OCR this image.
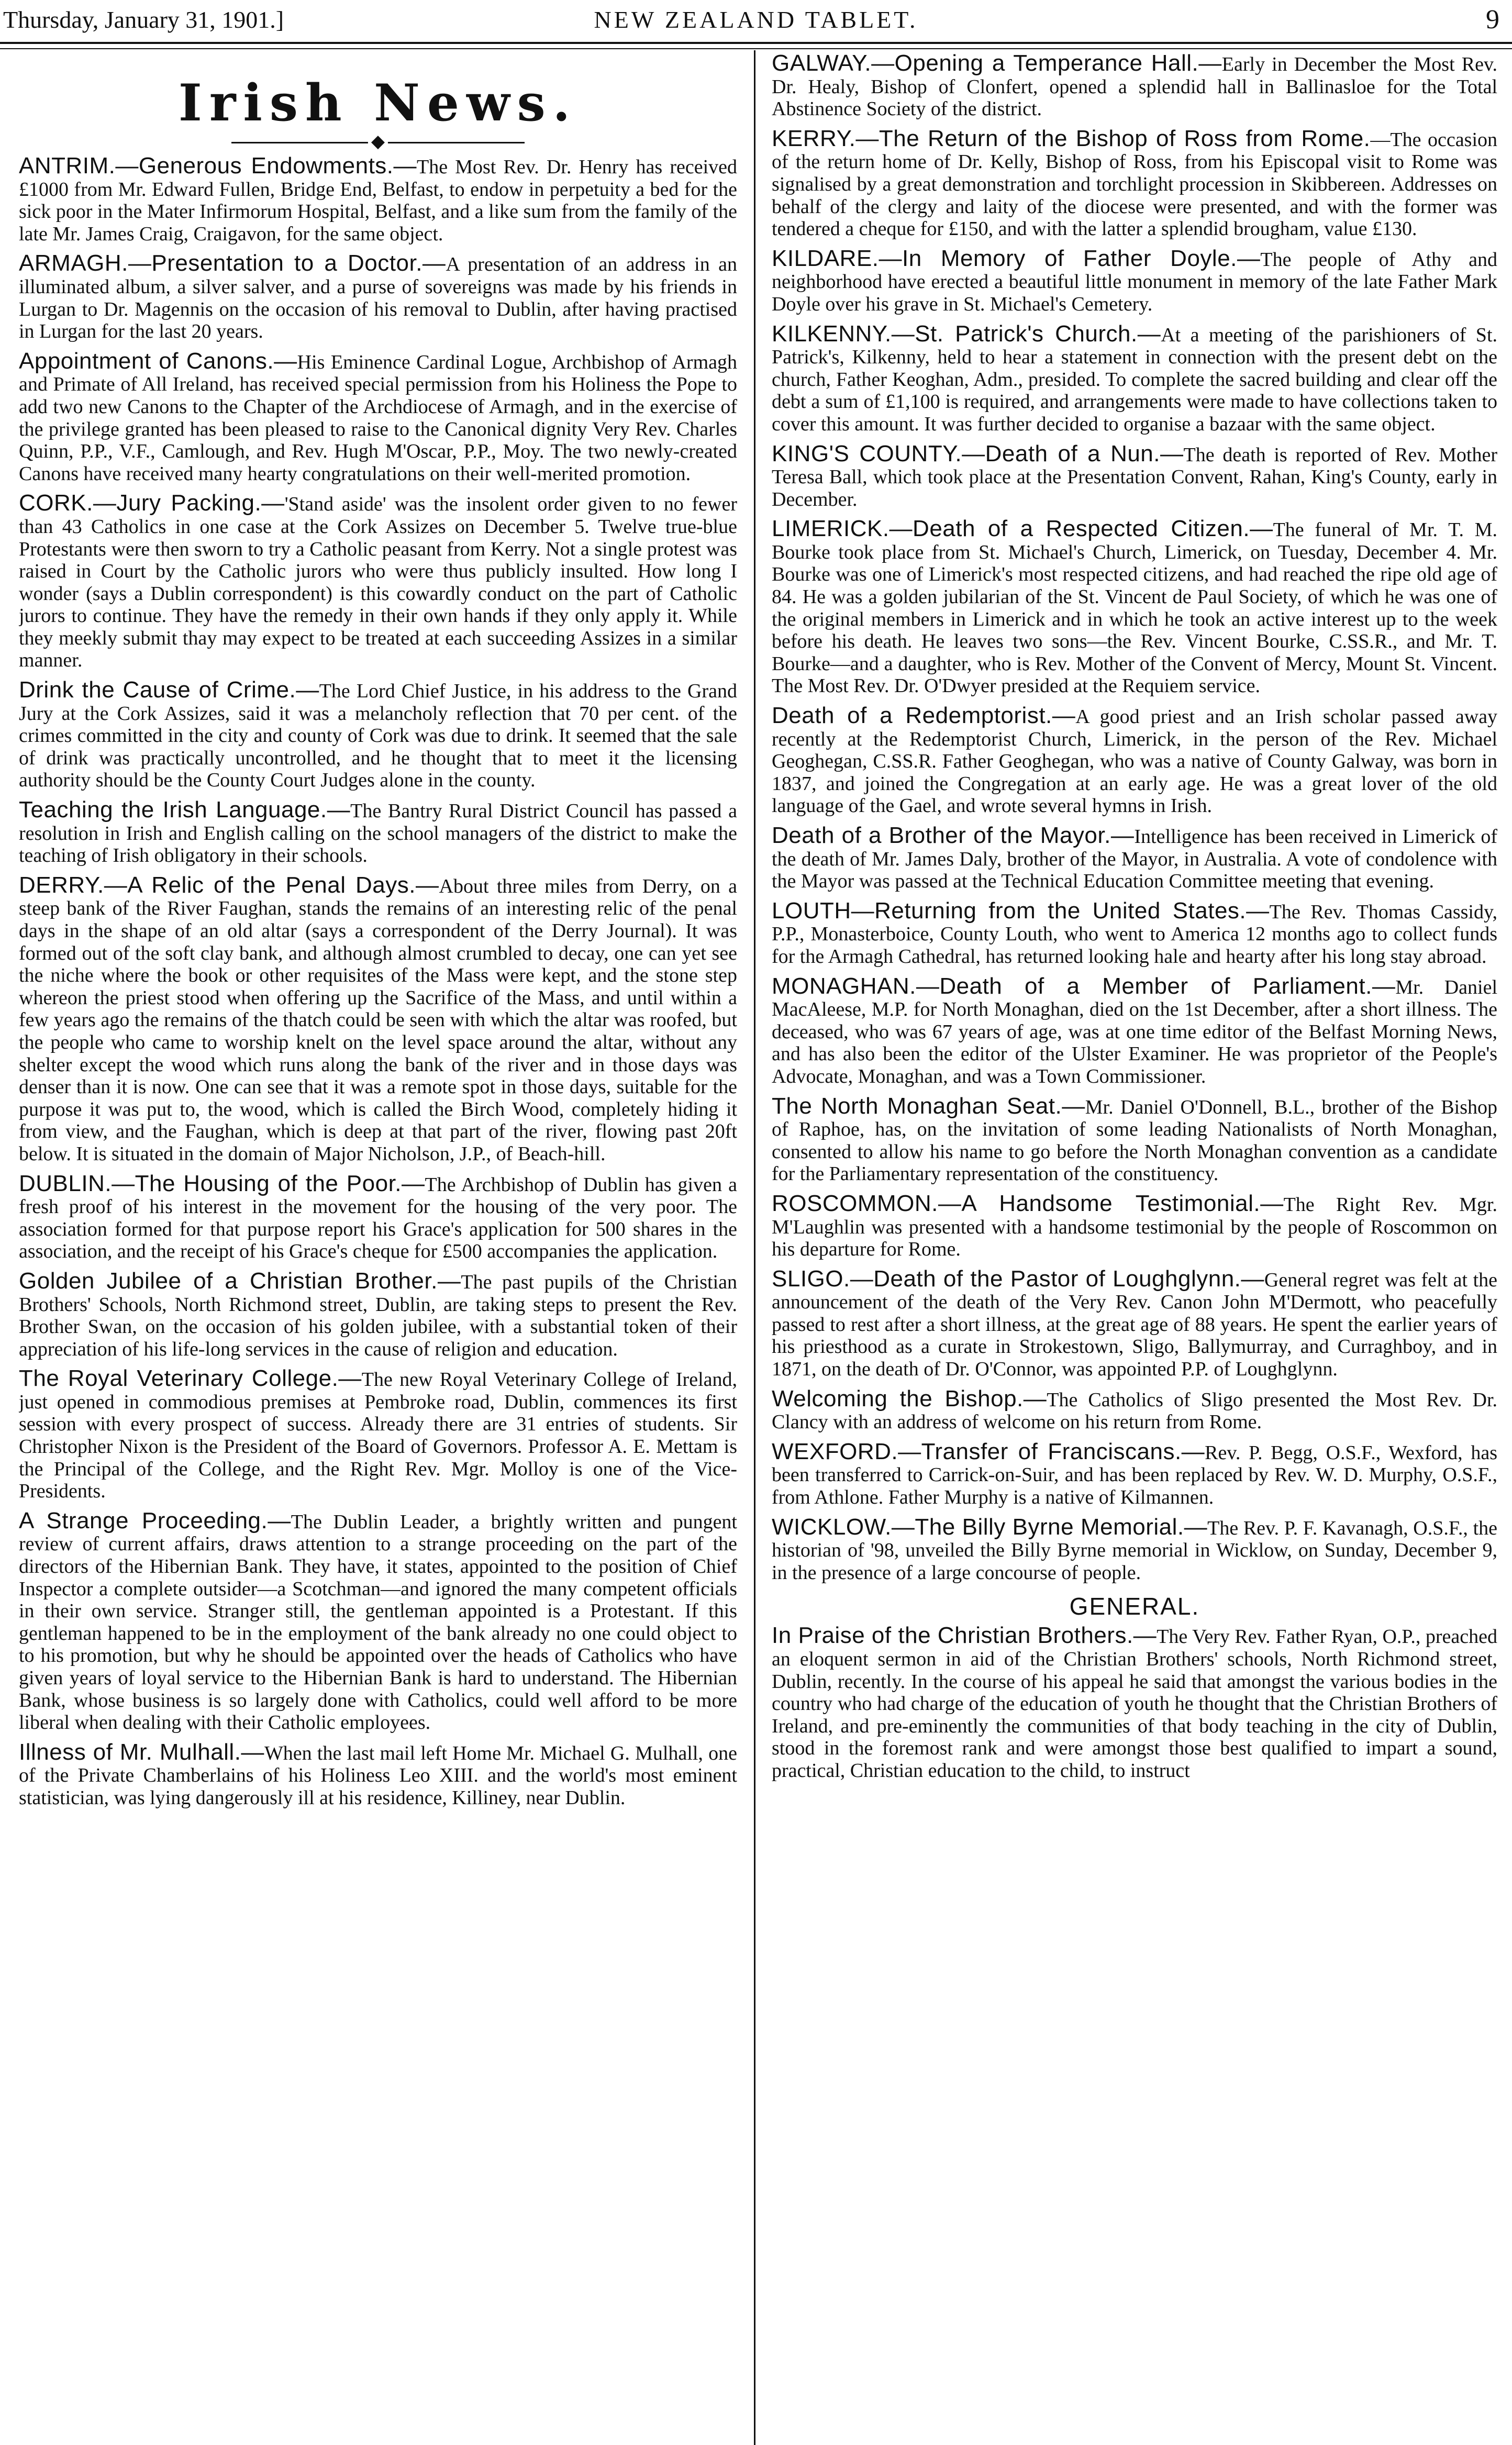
Thursday, January 31, 1901.]	NEW ZEALAND TABLET.	9
Irish News.
◆

ANTRIM.—Generous Endowments.—The Most Rev. Dr. Henry has received £1000 from Mr. Edward Fullen, Bridge End, Belfast, to endow in perpetuity a bed for the sick poor in the Mater Infirmorum Hospital, Belfast, and a like sum from the family of the late Mr. James Craig, Craigavon, for the same object.

ARMAGH.—Presentation to a Doctor.—A presentation of an address in an illuminated album, a silver salver, and a purse of sovereigns was made by his friends in Lurgan to Dr. Magennis on the occasion of his removal to Dublin, after having practised in Lurgan for the last 20 years.

Appointment of Canons.—His Eminence Cardinal Logue, Archbishop of Armagh and Primate of All Ireland, has received special permission from his Holiness the Pope to add two new Canons to the Chapter of the Archdiocese of Armagh, and in the exercise of the privilege granted has been pleased to raise to the Canonical dignity Very Rev. Charles Quinn, P.P., V.F., Camlough, and Rev. Hugh M'Oscar, P.P., Moy. The two newly-created Canons have received many hearty congratulations on their well-merited promotion.

CORK.—Jury Packing.—'Stand aside' was the insolent order given to no fewer than 43 Catholics in one case at the Cork Assizes on December 5. Twelve true-blue Protestants were then sworn to try a Catholic peasant from Kerry. Not a single protest was raised in Court by the Catholic jurors who were thus publicly insulted. How long I wonder (says a Dublin correspondent) is this cowardly conduct on the part of Catholic jurors to continue. They have the remedy in their own hands if they only apply it. While they meekly submit thay may expect to be treated at each succeeding Assizes in a similar manner.

Drink the Cause of Crime.—The Lord Chief Justice, in his address to the Grand Jury at the Cork Assizes, said it was a melancholy reflection that 70 per cent. of the crimes committed in the city and county of Cork was due to drink. It seemed that the sale of drink was practically uncontrolled, and he thought that to meet it the licensing authority should be the County Court Judges alone in the county.

Teaching the Irish Language.—The Bantry Rural District Council has passed a resolution in Irish and English calling on the school managers of the district to make the teaching of Irish obligatory in their schools.

DERRY.—A Relic of the Penal Days.—About three miles from Derry, on a steep bank of the River Faughan, stands the remains of an interesting relic of the penal days in the shape of an old altar (says a correspondent of the Derry Journal). It was formed out of the soft clay bank, and although almost crumbled to decay, one can yet see the niche where the book or other requisites of the Mass were kept, and the stone step whereon the priest stood when offering up the Sacrifice of the Mass, and until within a few years ago the remains of the thatch could be seen with which the altar was roofed, but the people who came to worship knelt on the level space around the altar, without any shelter except the wood which runs along the bank of the river and in those days was denser than it is now. One can see that it was a remote spot in those days, suitable for the purpose it was put to, the wood, which is called the Birch Wood, completely hiding it from view, and the Faughan, which is deep at that part of the river, flowing past 20ft below. It is situated in the domain of Major Nicholson, J.P., of Beach-hill.

DUBLIN.—The Housing of the Poor.—The Archbishop of Dublin has given a fresh proof of his interest in the movement for the housing of the very poor. The association formed for that purpose report his Grace's application for 500 shares in the association, and the receipt of his Grace's cheque for £500 accompanies the application.

Golden Jubilee of a Christian Brother.—The past pupils of the Christian Brothers' Schools, North Richmond street, Dublin, are taking steps to present the Rev. Brother Swan, on the occasion of his golden jubilee, with a substantial token of their appreciation of his life-long services in the cause of religion and education.

The Royal Veterinary College.—The new Royal Veterinary College of Ireland, just opened in commodious premises at Pembroke road, Dublin, commences its first session with every prospect of success. Already there are 31 entries of students. Sir Christopher Nixon is the President of the Board of Governors. Professor A. E. Mettam is the Principal of the College, and the Right Rev. Mgr. Molloy is one of the Vice-Presidents.

A Strange Proceeding.—The Dublin Leader, a brightly written and pungent review of current affairs, draws attention to a strange proceeding on the part of the directors of the Hibernian Bank. They have, it states, appointed to the position of Chief Inspector a complete outsider—a Scotchman—and ignored the many competent officials in their own service. Stranger still, the gentleman appointed is a Protestant. If this gentleman happened to be in the employment of the bank already no one could object to to his promotion, but why he should be appointed over the heads of Catholics who have given years of loyal service to the Hibernian Bank is hard to understand. The Hibernian Bank, whose business is so largely done with Catholics, could well afford to be more liberal when dealing with their Catholic employees.

Illness of Mr. Mulhall.—When the last mail left Home Mr. Michael G. Mulhall, one of the Private Chamberlains of his Holiness Leo XIII. and the world's most eminent statistician, was lying dangerously ill at his residence, Killiney, near Dublin.

GALWAY.—Opening a Temperance Hall.—Early in December the Most Rev. Dr. Healy, Bishop of Clonfert, opened a splendid hall in Ballinasloe for the Total Abstinence Society of the district.

KERRY.—The Return of the Bishop of Ross from Rome.—The occasion of the return home of Dr. Kelly, Bishop of Ross, from his Episcopal visit to Rome was signalised by a great demonstration and torchlight procession in Skibbereen. Addresses on behalf of the clergy and laity of the diocese were presented, and with the former was tendered a cheque for £150, and with the latter a splendid brougham, value £130.

KILDARE.—In Memory of Father Doyle.—The people of Athy and neighborhood have erected a beautiful little monument in memory of the late Father Mark Doyle over his grave in St. Michael's Cemetery.

KILKENNY.—St. Patrick's Church.—At a meeting of the parishioners of St. Patrick's, Kilkenny, held to hear a statement in connection with the present debt on the church, Father Keoghan, Adm., presided. To complete the sacred building and clear off the debt a sum of £1,100 is required, and arrangements were made to have collections taken to cover this amount. It was further decided to organise a bazaar with the same object.

KING'S COUNTY.—Death of a Nun.—The death is reported of Rev. Mother Teresa Ball, which took place at the Presentation Convent, Rahan, King's County, early in December.

LIMERICK.—Death of a Respected Citizen.—The funeral of Mr. T. M. Bourke took place from St. Michael's Church, Limerick, on Tuesday, December 4. Mr. Bourke was one of Limerick's most respected citizens, and had reached the ripe old age of 84. He was a golden jubilarian of the St. Vincent de Paul Society, of which he was one of the original members in Limerick and in which he took an active interest up to the week before his death. He leaves two sons—the Rev. Vincent Bourke, C.SS.R., and Mr. T. Bourke—and a daughter, who is Rev. Mother of the Convent of Mercy, Mount St. Vincent. The Most Rev. Dr. O'Dwyer presided at the Requiem service.

Death of a Redemptorist.—A good priest and an Irish scholar passed away recently at the Redemptorist Church, Limerick, in the person of the Rev. Michael Geoghegan, C.SS.R. Father Geoghegan, who was a native of County Galway, was born in 1837, and joined the Congregation at an early age. He was a great lover of the old language of the Gael, and wrote several hymns in Irish.

Death of a Brother of the Mayor.—Intelligence has been received in Limerick of the death of Mr. James Daly, brother of the Mayor, in Australia. A vote of condolence with the Mayor was passed at the Technical Education Committee meeting that evening.

LOUTH—Returning from the United States.—The Rev. Thomas Cassidy, P.P., Monasterboice, County Louth, who went to America 12 months ago to collect funds for the Armagh Cathedral, has returned looking hale and hearty after his long stay abroad.

MONAGHAN.—Death of a Member of Parliament.—Mr. Daniel MacAleese, M.P. for North Monaghan, died on the 1st December, after a short illness. The deceased, who was 67 years of age, was at one time editor of the Belfast Morning News, and has also been the editor of the Ulster Examiner. He was proprietor of the People's Advocate, Monaghan, and was a Town Commissioner.

The North Monaghan Seat.—Mr. Daniel O'Donnell, B.L., brother of the Bishop of Raphoe, has, on the invitation of some leading Nationalists of North Monaghan, consented to allow his name to go before the North Monaghan convention as a candidate for the Parliamentary representation of the constituency.

ROSCOMMON.—A Handsome Testimonial.—The Right Rev. Mgr. M'Laughlin was presented with a handsome testimonial by the people of Roscommon on his departure for Rome.

SLIGO.—Death of the Pastor of Loughglynn.—General regret was felt at the announcement of the death of the Very Rev. Canon John M'Dermott, who peacefully passed to rest after a short illness, at the great age of 88 years. He spent the earlier years of his priesthood as a curate in Strokestown, Sligo, Ballymurray, and Curraghboy, and in 1871, on the death of Dr. O'Connor, was appointed P.P. of Loughglynn.

Welcoming the Bishop.—The Catholics of Sligo presented the Most Rev. Dr. Clancy with an address of welcome on his return from Rome.

WEXFORD.—Transfer of Franciscans.—Rev. P. Begg, O.S.F., Wexford, has been transferred to Carrick-on-Suir, and has been replaced by Rev. W. D. Murphy, O.S.F., from Athlone. Father Murphy is a native of Kilmannen.

WICKLOW.—The Billy Byrne Memorial.—The Rev. P. F. Kavanagh, O.S.F., the historian of '98, unveiled the Billy Byrne memorial in Wicklow, on Sunday, December 9, in the presence of a large concourse of people.

GENERAL.

In Praise of the Christian Brothers.—The Very Rev. Father Ryan, O.P., preached an eloquent sermon in aid of the Christian Brothers' schools, North Richmond street, Dublin, recently. In the course of his appeal he said that amongst the various bodies in the country who had charge of the education of youth he thought that the Christian Brothers of Ireland, and pre-eminently the communities of that body teaching in the city of Dublin, stood in the foremost rank and were amongst those best qualified to impart a sound, practical, Christian education to the child, to instruct
